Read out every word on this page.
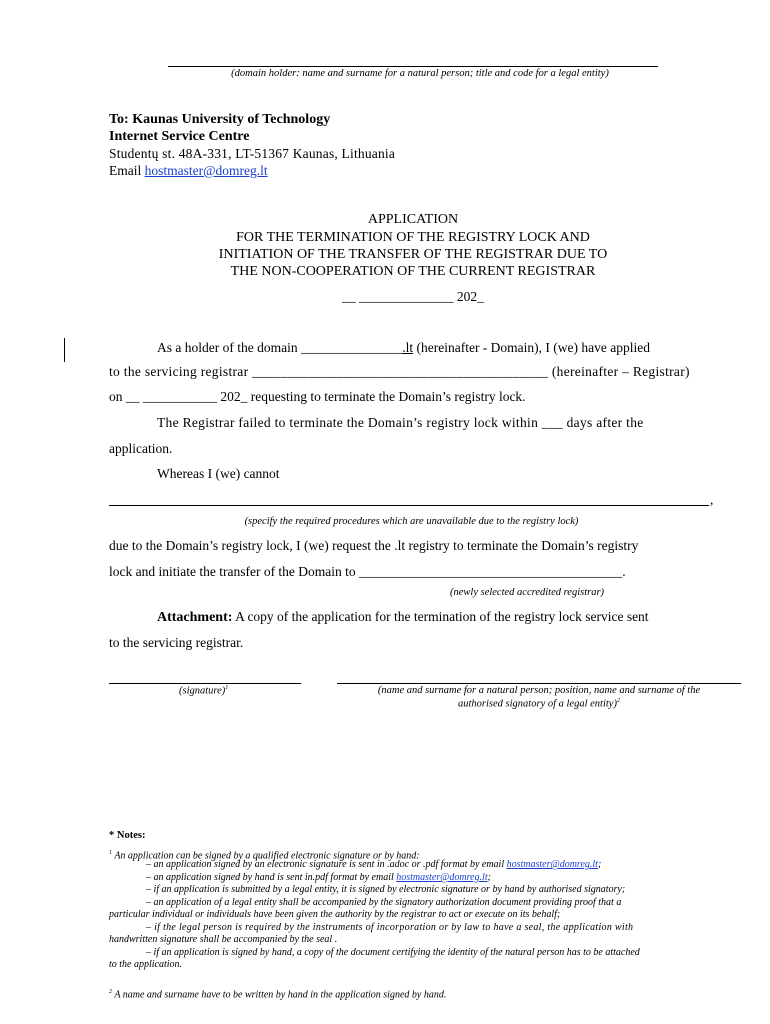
(domain holder: name and surname for a natural person; title and code for a legal entity)
To: Kaunas University of Technology
Internet Service Centre
Studentų st. 48A-331, LT-51367 Kaunas, Lithuania
Email hostmaster@domreg.lt
APPLICATION
FOR THE TERMINATION OF THE REGISTRY LOCK AND
INITIATION OF THE TRANSFER OF THE REGISTRAR DUE TO
THE NON-COOPERATION OF THE CURRENT REGISTRAR
__ ______________ 202_
As a holder of the domain _______________.lt (hereinafter - Domain), I (we) have applied
to the servicing registrar __________________________________________ (hereinafter – Registrar)
on __ ___________ 202_ requesting to terminate the Domain’s registry lock.
The Registrar failed to terminate the Domain’s registry lock within ___ days after the
application.
Whereas I (we) cannot
,
(specify the required procedures which are unavailable due to the registry lock)
due to the Domain’s registry lock, I (we) request the .lt registry to terminate the Domain’s registry
lock and initiate the transfer of the Domain to _______________________________________.
(newly selected accredited registrar)
Attachment: A copy of the application for the termination of the registry lock service sent
to the servicing registrar.
(signature)$^1$	(name and surname for a natural person; position, name and surname of the
authorised signatory of a legal entity)$^2$
* Notes:
$^1$ An application can be signed by a qualified electronic signature or by hand:
– an application signed by an electronic signature is sent in .adoc or .pdf format by email hostmaster@domreg.lt;
– an application signed by hand is sent in.pdf format by email hostmaster@domreg.lt;
– if an application is submitted by a legal entity, it is signed by electronic signature or by hand by authorised signatory;
– an application of a legal entity shall be accompanied by the signatory authorization document providing proof that a
particular individual or individuals have been given the authority by the registrar to act or execute on its behalf;
– if the legal person is required by the instruments of incorporation or by law to have a seal, the application with
handwritten signature shall be accompanied by the seal .
– if an application is signed by hand, a copy of the document certifying the identity of the natural person has to be attached
to the application.
$^2$ A name and surname have to be written by hand in the application signed by hand.
